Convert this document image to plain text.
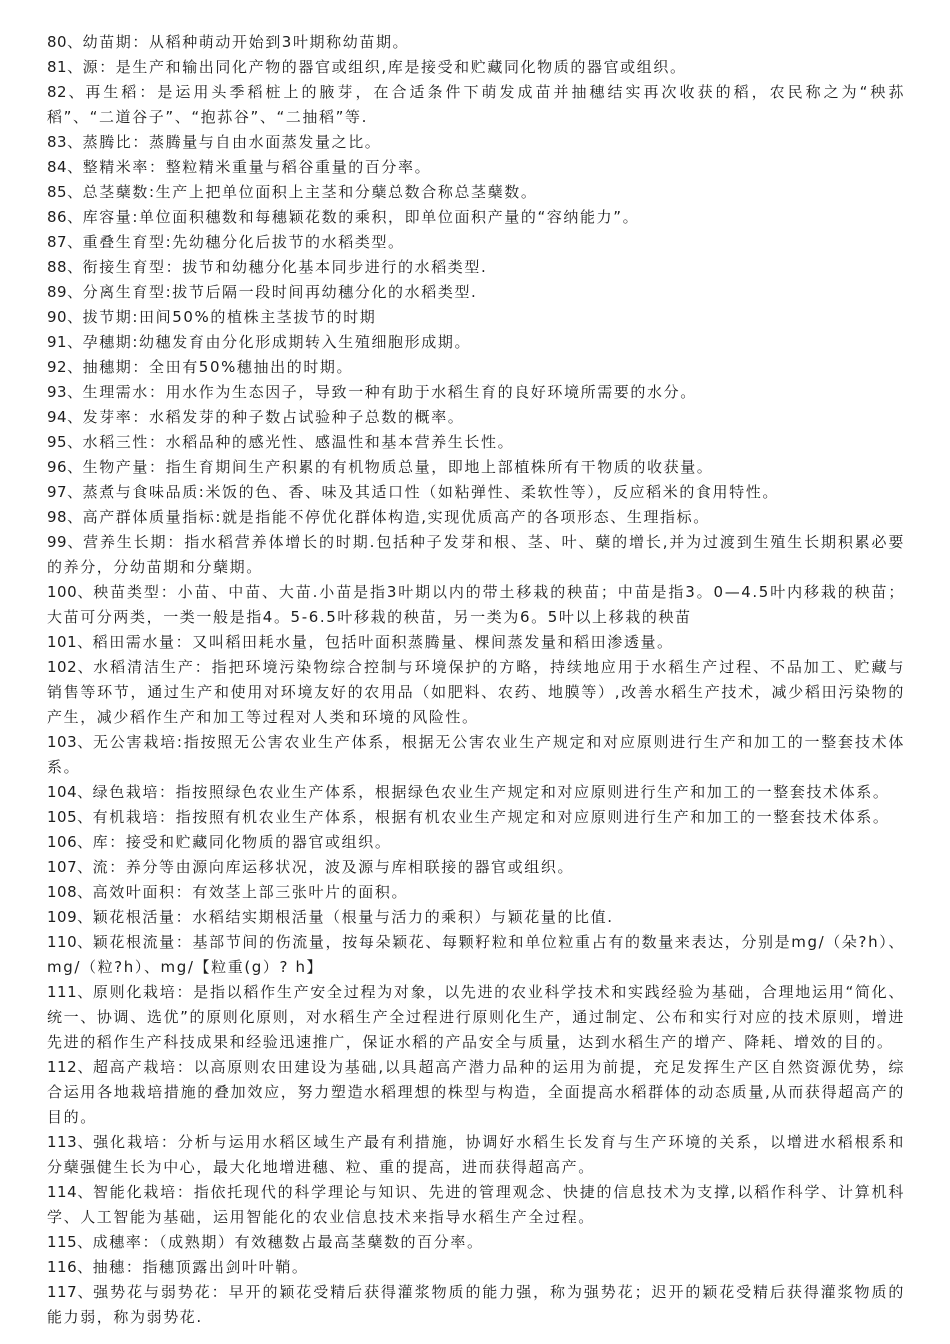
80、幼苗期：从稻种萌动开始到3叶期称幼苗期。

81、源：是生产和输出同化产物的器官或组织,库是接受和贮藏同化物质的器官或组织。

82、再生稻：是运用头季稻桩上的腋芽，在合适条件下萌发成苗并抽穗结实再次收获的稻，农民称之为“秧荪稻”、“二道谷子”、“抱荪谷”、“二抽稻”等.

83、蒸腾比：蒸腾量与自由水面蒸发量之比。

84、整精米率：整粒精米重量与稻谷重量的百分率。

85、总茎蘖数:生产上把单位面积上主茎和分蘖总数合称总茎蘖数。

86、库容量:单位面积穗数和每穗颖花数的乘积，即单位面积产量的“容纳能力”。

87、重叠生育型:先幼穗分化后拔节的水稻类型。

88、衔接生育型：拔节和幼穗分化基本同步进行的水稻类型.

89、分离生育型:拔节后隔一段时间再幼穗分化的水稻类型.

90、拔节期:田间50%的植株主茎拔节的时期

91、孕穗期:幼穗发育由分化形成期转入生殖细胞形成期。

92、抽穗期：全田有50%穗抽出的时期。

93、生理需水：用水作为生态因子，导致一种有助于水稻生育的良好环境所需要的水分。

94、发芽率：水稻发芽的种子数占试验种子总数的概率。

95、水稻三性：水稻品种的感光性、感温性和基本营养生长性。

96、生物产量：指生育期间生产积累的有机物质总量，即地上部植株所有干物质的收获量。

97、蒸煮与食味品质:米饭的色、香、味及其适口性（如粘弹性、柔软性等），反应稻米的食用特性。

98、高产群体质量指标:就是指能不停优化群体构造,实现优质高产的各项形态、生理指标。

99、营养生长期：指水稻营养体增长的时期.包括种子发芽和根、茎、叶、蘖的增长,并为过渡到生殖生长期积累必要的养分，分幼苗期和分蘖期。

100、秧苗类型：小苗、中苗、大苗.小苗是指3叶期以内的带土移栽的秧苗；中苗是指3。0—4.5叶内移栽的秧苗；大苗可分两类，一类一般是指4。5-6.5叶移栽的秧苗，另一类为6。5叶以上移栽的秧苗

101、稻田需水量：又叫稻田耗水量，包括叶面积蒸腾量、棵间蒸发量和稻田渗透量。

102、水稻清洁生产：指把环境污染物综合控制与环境保护的方略，持续地应用于水稻生产过程、不品加工、贮藏与销售等环节，通过生产和使用对环境友好的农用品（如肥料、农药、地膜等）,改善水稻生产技术，减少稻田污染物的产生，减少稻作生产和加工等过程对人类和环境的风险性。

103、无公害栽培:指按照无公害农业生产体系，根据无公害农业生产规定和对应原则进行生产和加工的一整套技术体系。

104、绿色栽培：指按照绿色农业生产体系，根据绿色农业生产规定和对应原则进行生产和加工的一整套技术体系。

105、有机栽培：指按照有机农业生产体系，根据有机农业生产规定和对应原则进行生产和加工的一整套技术体系。

106、库：接受和贮藏同化物质的器官或组织。

107、流：养分等由源向库运移状况，波及源与库相联接的器官或组织。

108、高效叶面积：有效茎上部三张叶片的面积。

109、颖花根活量：水稻结实期根活量（根量与活力的乘积）与颖花量的比值.

110、颖花根流量：基部节间的伤流量，按每朵颖花、每颗籽粒和单位粒重占有的数量来表达，分别是mg/（朵?h）、mg/（粒?h）、mg/【粒重(g）? h】

111、原则化栽培：是指以稻作生产安全过程为对象，以先进的农业科学技术和实践经验为基础，合理地运用“简化、统一、协调、选优”的原则化原则，对水稻生产全过程进行原则化生产，通过制定、公布和实行对应的技术原则，增进先进的稻作生产科技成果和经验迅速推广，保证水稻的产品安全与质量，达到水稻生产的增产、降耗、增效的目的。

112、超高产栽培：以高原则农田建设为基础,以具超高产潜力品种的运用为前提，充足发挥生产区自然资源优势，综合运用各地栽培措施的叠加效应，努力塑造水稻理想的株型与构造，全面提高水稻群体的动态质量,从而获得超高产的目的。

113、强化栽培：分析与运用水稻区域生产最有利措施，协调好水稻生长发育与生产环境的关系，以增进水稻根系和分蘖强健生长为中心，最大化地增进穗、粒、重的提高，进而获得超高产。

114、智能化栽培：指依托现代的科学理论与知识、先进的管理观念、快捷的信息技术为支撑,以稻作科学、计算机科学、人工智能为基础，运用智能化的农业信息技术来指导水稻生产全过程。

115、成穗率：（成熟期）有效穗数占最高茎蘖数的百分率。

116、抽穗：指穗顶露出剑叶叶鞘。

117、强势花与弱势花：早开的颖花受精后获得灌浆物质的能力强，称为强势花；迟开的颖花受精后获得灌浆物质的能力弱，称为弱势花.
